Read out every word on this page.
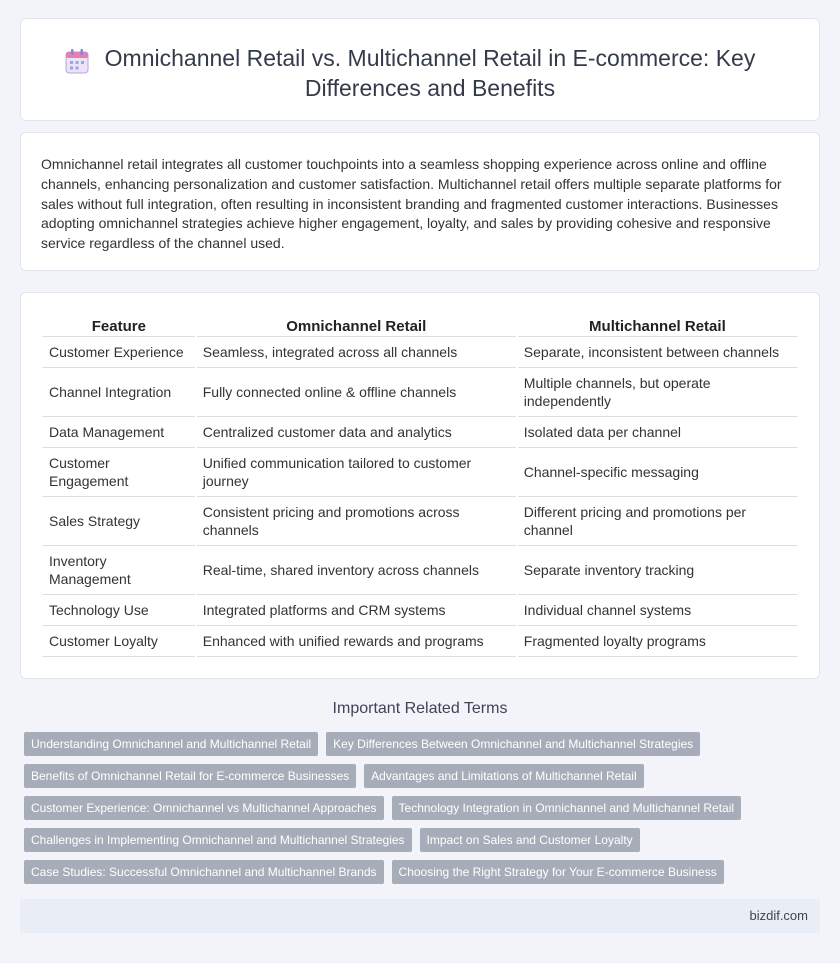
Omnichannel Retail vs. Multichannel Retail in E-commerce: Key Differences and Benefits

Omnichannel retail integrates all customer touchpoints into a seamless shopping experience across online and offline channels, enhancing personalization and customer satisfaction. Multichannel retail offers multiple separate platforms for sales without full integration, often resulting in inconsistent branding and fragmented customer interactions. Businesses adopting omnichannel strategies achieve higher engagement, loyalty, and sales by providing cohesive and responsive service regardless of the channel used.

Feature	Omnichannel Retail	Multichannel Retail
Customer Experience	Seamless, integrated across all channels	Separate, inconsistent between channels
Channel Integration	Fully connected online & offline channels	Multiple channels, but operate independently
Data Management	Centralized customer data and analytics	Isolated data per channel
Customer Engagement	Unified communication tailored to customer journey	Channel-specific messaging
Sales Strategy	Consistent pricing and promotions across channels	Different pricing and promotions per channel
Inventory Management	Real-time, shared inventory across channels	Separate inventory tracking
Technology Use	Integrated platforms and CRM systems	Individual channel systems
Customer Loyalty	Enhanced with unified rewards and programs	Fragmented loyalty programs
Important Related Terms
Understanding Omnichannel and Multichannel Retail	Key Differences Between Omnichannel and Multichannel Strategies
Benefits of Omnichannel Retail for E-commerce Businesses	Advantages and Limitations of Multichannel Retail
Customer Experience: Omnichannel vs Multichannel Approaches	Technology Integration in Omnichannel and Multichannel Retail
Challenges in Implementing Omnichannel and Multichannel Strategies	Impact on Sales and Customer Loyalty
Case Studies: Successful Omnichannel and Multichannel Brands	Choosing the Right Strategy for Your E-commerce Business
bizdif.com
